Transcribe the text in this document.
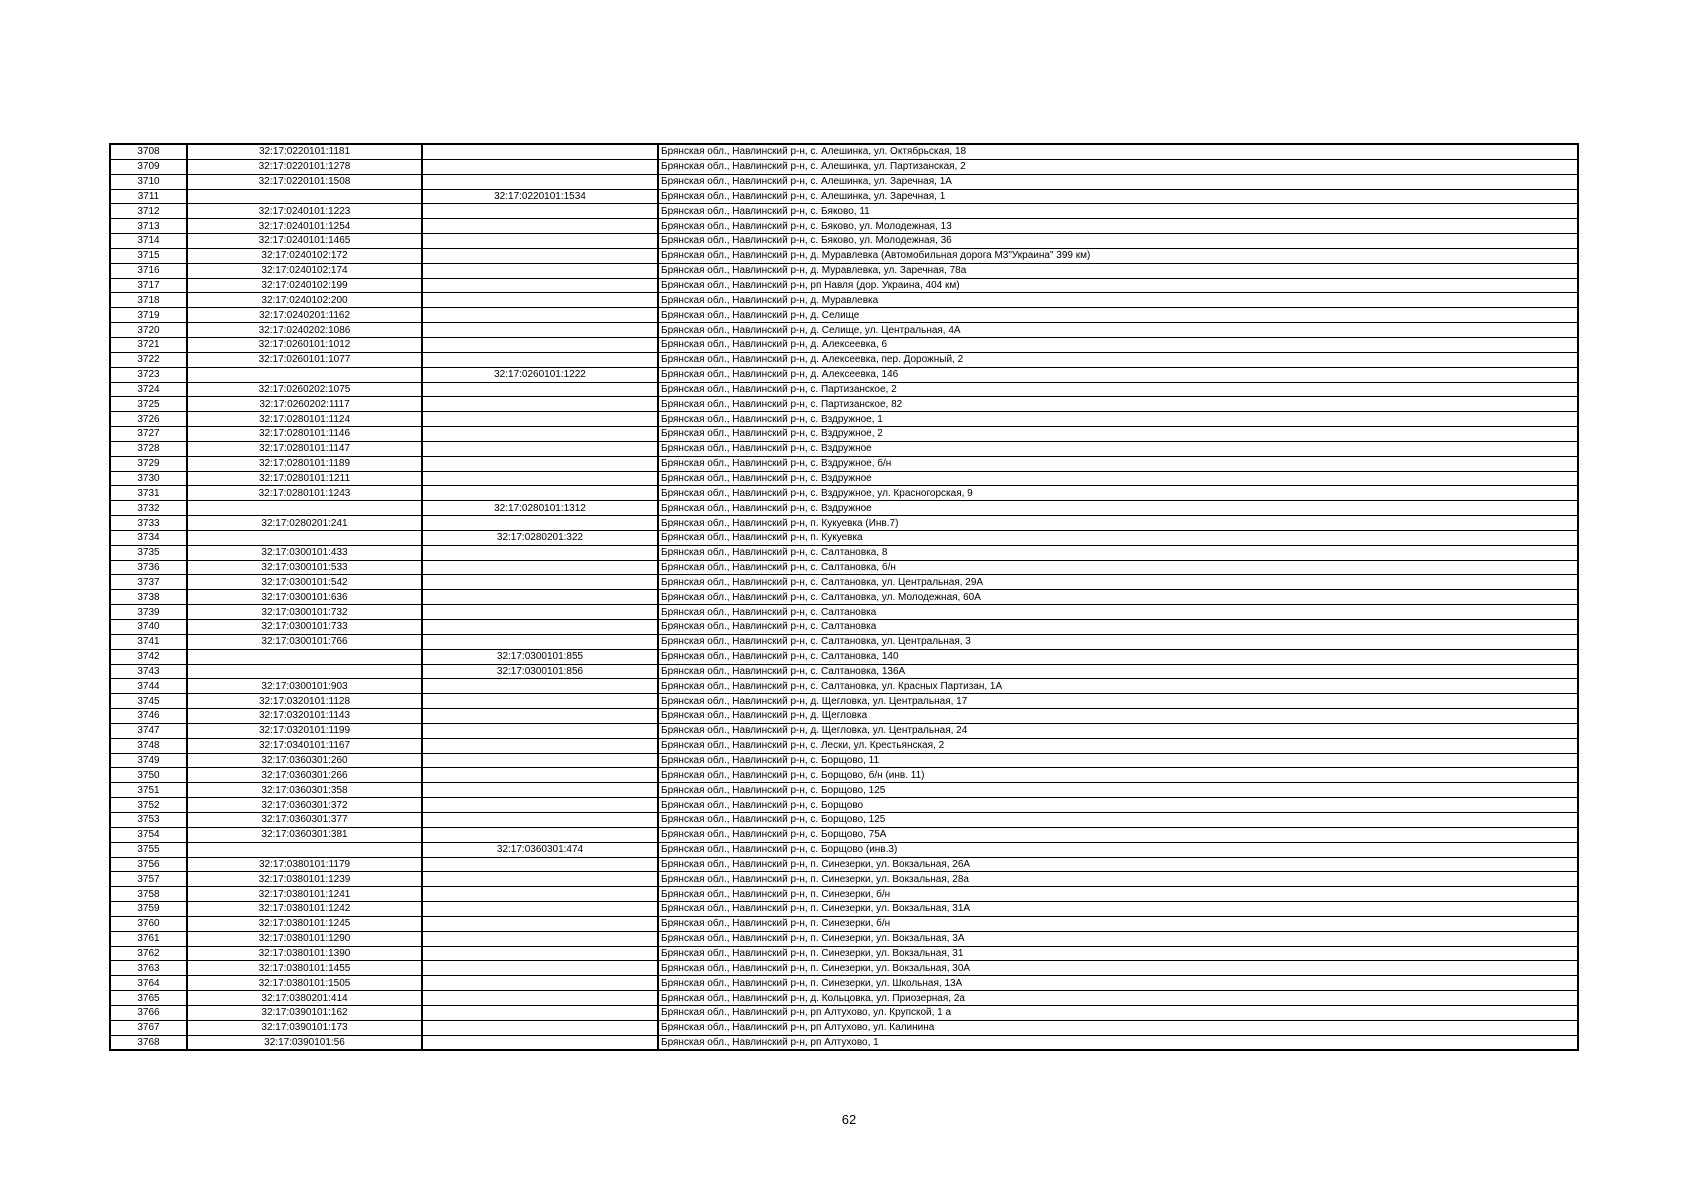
3708	32:17:0220101:1181		Брянская обл., Навлинский р-н, с. Алешинка, ул. Октябрьская, 18
3709	32:17:0220101:1278		Брянская обл., Навлинский р-н, с. Алешинка, ул. Партизанская, 2
3710	32:17:0220101:1508		Брянская обл., Навлинский р-н, с. Алешинка, ул. Заречная, 1А
3711		32:17:0220101:1534	Брянская обл., Навлинский р-н, с. Алешинка, ул. Заречная, 1
3712	32:17:0240101:1223		Брянская обл., Навлинский р-н, с. Бяково, 11
3713	32:17:0240101:1254		Брянская обл., Навлинский р-н, с. Бяково, ул. Молодежная, 13
3714	32:17:0240101:1465		Брянская обл., Навлинский р-н, с. Бяково, ул. Молодежная, 36
3715	32:17:0240102:172		Брянская обл., Навлинский р-н, д. Муравлевка (Автомобильная дорога М3"Украина" 399 км)
3716	32:17:0240102:174		Брянская обл., Навлинский р-н, д. Муравлевка, ул. Заречная, 78а
3717	32:17:0240102:199		Брянская обл., Навлинский р-н, рп Навля (дор. Украина, 404 км)
3718	32:17:0240102:200		Брянская обл., Навлинский р-н, д. Муравлевка
3719	32:17:0240201:1162		Брянская обл., Навлинский р-н, д. Селище
3720	32:17:0240202:1086		Брянская обл., Навлинский р-н, д. Селище, ул. Центральная, 4А
3721	32:17:0260101:1012		Брянская обл., Навлинский р-н, д. Алексеевка, 6
3722	32:17:0260101:1077		Брянская обл., Навлинский р-н, д. Алексеевка, пер. Дорожный, 2
3723		32:17:0260101:1222	Брянская обл., Навлинский р-н, д. Алексеевка, 146
3724	32:17:0260202:1075		Брянская обл., Навлинский р-н, с. Партизанское, 2
3725	32:17:0260202:1117		Брянская обл., Навлинский р-н, с. Партизанское, 82
3726	32:17:0280101:1124		Брянская обл., Навлинский р-н, с. Вздружное, 1
3727	32:17:0280101:1146		Брянская обл., Навлинский р-н, с. Вздружное, 2
3728	32:17:0280101:1147		Брянская обл., Навлинский р-н, с. Вздружное
3729	32:17:0280101:1189		Брянская обл., Навлинский р-н, с. Вздружное, б/н
3730	32:17:0280101:1211		Брянская обл., Навлинский р-н, с. Вздружное
3731	32:17:0280101:1243		Брянская обл., Навлинский р-н, с. Вздружное, ул. Красногорская, 9
3732		32:17:0280101:1312	Брянская обл., Навлинский р-н, с. Вздружное
3733	32:17:0280201:241		Брянская обл., Навлинский р-н, п. Кукуевка (Инв.7)
3734		32:17:0280201:322	Брянская обл., Навлинский р-н, п. Кукуевка
3735	32:17:0300101:433		Брянская обл., Навлинский р-н, с. Салтановка, 8
3736	32:17:0300101:533		Брянская обл., Навлинский р-н, с. Салтановка, б/н
3737	32:17:0300101:542		Брянская обл., Навлинский р-н, с. Салтановка, ул. Центральная, 29А
3738	32:17:0300101:636		Брянская обл., Навлинский р-н, с. Салтановка, ул. Молодежная, 60А
3739	32:17:0300101:732		Брянская обл., Навлинский р-н, с. Салтановка
3740	32:17:0300101:733		Брянская обл., Навлинский р-н, с. Салтановка
3741	32:17:0300101:766		Брянская обл., Навлинский р-н, с. Салтановка, ул. Центральная, 3
3742		32:17:0300101:855	Брянская обл., Навлинский р-н, с. Салтановка, 140
3743		32:17:0300101:856	Брянская обл., Навлинский р-н, с. Салтановка, 136А
3744	32:17:0300101:903		Брянская обл., Навлинский р-н, с. Салтановка, ул. Красных Партизан, 1А
3745	32:17:0320101:1128		Брянская обл., Навлинский р-н, д. Щегловка, ул. Центральная, 17
3746	32:17:0320101:1143		Брянская обл., Навлинский р-н, д. Щегловка
3747	32:17:0320101:1199		Брянская обл., Навлинский р-н, д. Щегловка, ул. Центральная, 24
3748	32:17:0340101:1167		Брянская обл., Навлинский р-н, с. Лески, ул. Крестьянская, 2
3749	32:17:0360301:260		Брянская обл., Навлинский р-н, с. Борщово, 11
3750	32:17:0360301:266		Брянская обл., Навлинский р-н, с. Борщово, б/н (инв. 11)
3751	32:17:0360301:358		Брянская обл., Навлинский р-н, с. Борщово, 125
3752	32:17:0360301:372		Брянская обл., Навлинский р-н, с. Борщово
3753	32:17:0360301:377		Брянская обл., Навлинский р-н, с. Борщово, 125
3754	32:17:0360301:381		Брянская обл., Навлинский р-н, с. Борщово, 75А
3755		32:17:0360301:474	Брянская обл., Навлинский р-н, с. Борщово (инв.3)
3756	32:17:0380101:1179		Брянская обл., Навлинский р-н, п. Синезерки, ул. Вокзальная, 26А
3757	32:17:0380101:1239		Брянская обл., Навлинский р-н, п. Синезерки, ул. Вокзальная, 28а
3758	32:17:0380101:1241		Брянская обл., Навлинский р-н, п. Синезерки, б/н
3759	32:17:0380101:1242		Брянская обл., Навлинский р-н, п. Синезерки, ул. Вокзальная, 31А
3760	32:17:0380101:1245		Брянская обл., Навлинский р-н, п. Синезерки, б/н
3761	32:17:0380101:1290		Брянская обл., Навлинский р-н, п. Синезерки, ул. Вокзальная, 3А
3762	32:17:0380101:1390		Брянская обл., Навлинский р-н, п. Синезерки, ул. Вокзальная, 31
3763	32:17:0380101:1455		Брянская обл., Навлинский р-н, п. Синезерки, ул. Вокзальная, 30А
3764	32:17:0380101:1505		Брянская обл., Навлинский р-н, п. Синезерки, ул. Школьная, 13А
3765	32:17:0380201:414		Брянская обл., Навлинский р-н, д. Кольцовка, ул. Приозерная, 2а
3766	32:17:0390101:162		Брянская обл., Навлинский р-н, рп Алтухово, ул. Крупской, 1 а
3767	32:17:0390101:173		Брянская обл., Навлинский р-н, рп Алтухово, ул. Калинина
3768	32:17:0390101:56		Брянская обл., Навлинский р-н, рп Алтухово, 1
62
